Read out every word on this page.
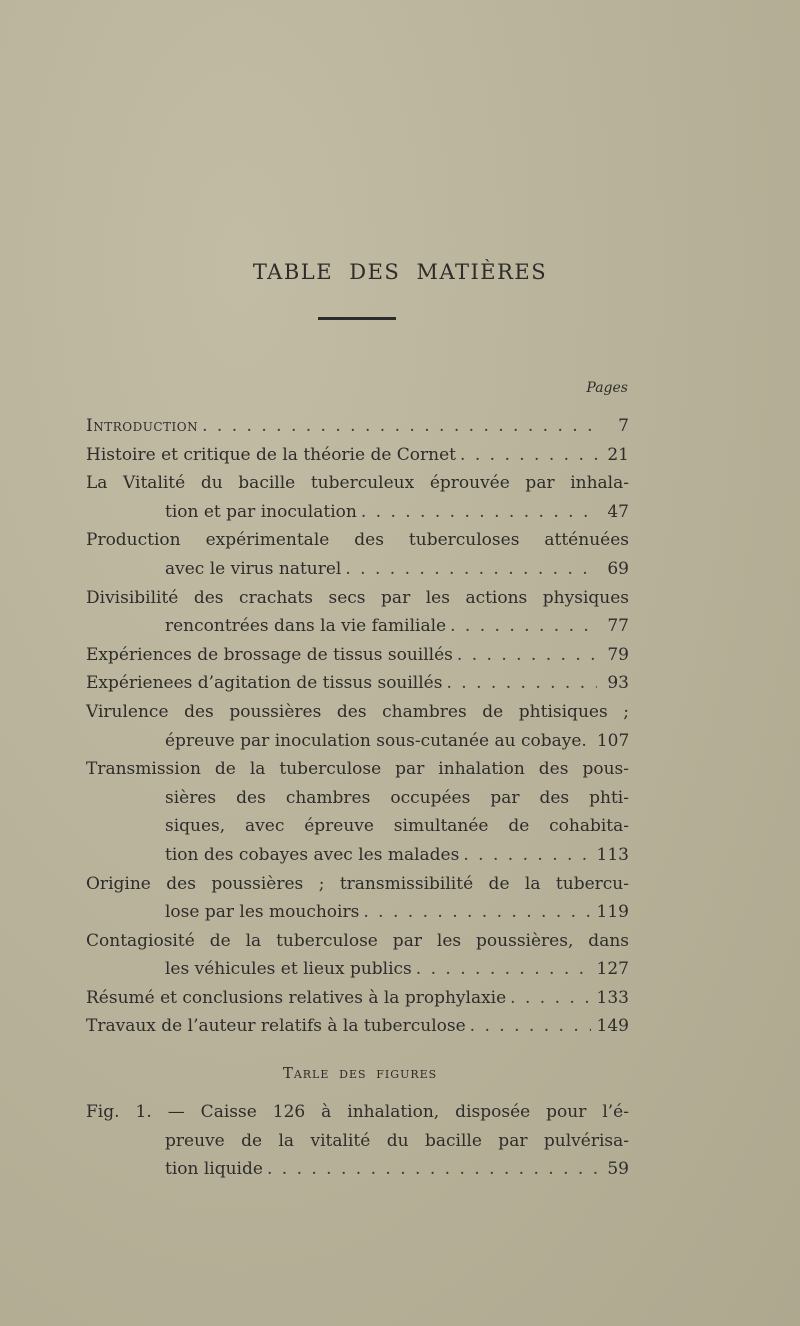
TABLE DES MATIÈRES
Pages
Introduction . . .	7
Histoire et critique de la théorie de Cornet . . .	21
La Vitalité du bacille tuberculeux éprouvée par inhala-
tion et par inoculation . . .	47
Production expérimentale des tuberculoses atténuées
avec le virus naturel . . .	69
Divisibilité des crachats secs par les actions physiques
rencontrées dans la vie familiale . . .	77
Expériences de brossage de tissus souillés . . .	79
Expérienees d’agitation de tissus souillés . . .	93
Virulence des poussières des chambres de phtisiques ;
épreuve par inoculation sous-cutanée au cobaye. 107
Transmission de la tuberculose par inhalation des pous-
sières des chambres occupées par des phti-
siques, avec épreuve simultanée de cohabita-
tion des cobayes avec les malades . . .	113
Origine des poussières ; transmissibilité de la tubercu-
lose par les mouchoirs . . .	119
Contagiosité de la tuberculose par les poussières, dans
les véhicules et lieux publics . . .	127
Résumé et conclusions relatives à la prophylaxie . . .	133
Travaux de l’auteur relatifs à la tuberculose . . .	149
Tarle des figures
Fig. 1. — Caisse 126 à inhalation, disposée pour l’é-
preuve de la vitalité du bacille par pulvérisa-
tion liquide . . .	59
